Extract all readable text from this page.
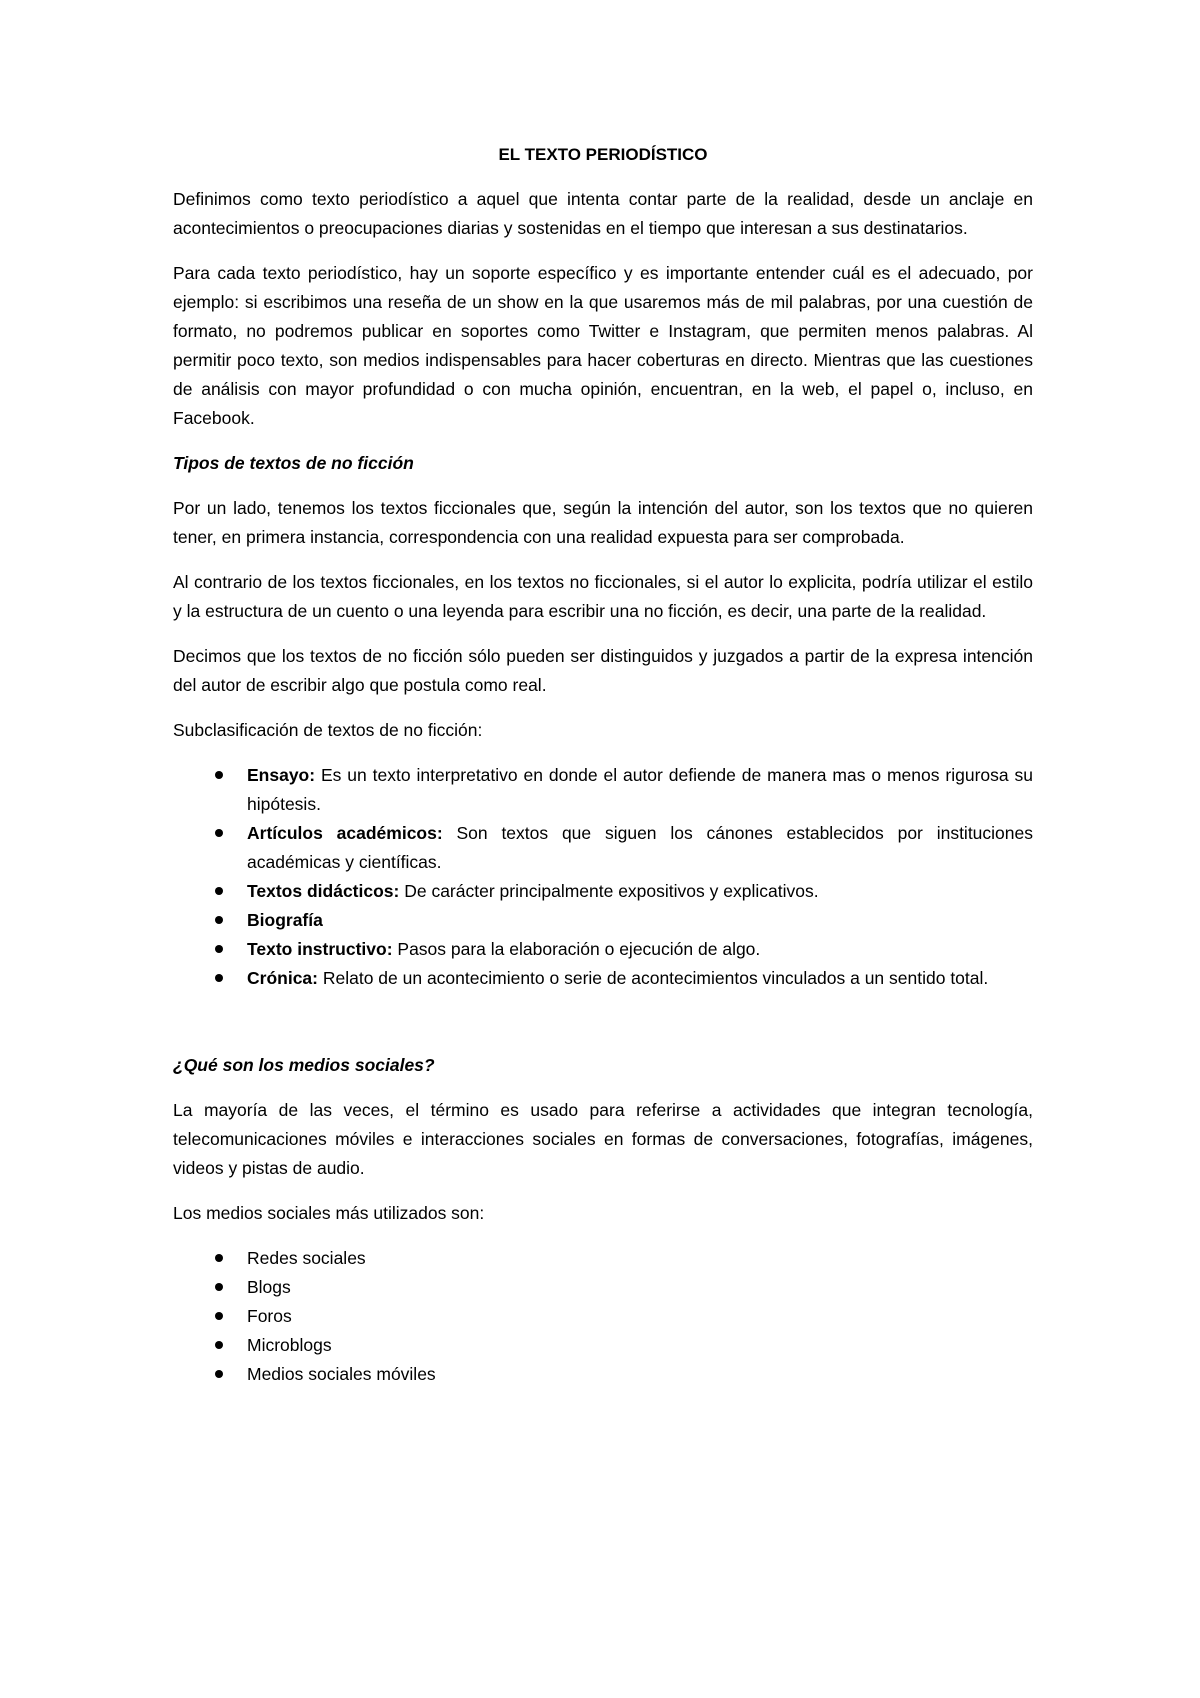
EL TEXTO PERIODÍSTICO

Definimos como texto periodístico a aquel que intenta contar parte de la realidad, desde un anclaje en acontecimientos o preocupaciones diarias y sostenidas en el tiempo que interesan a sus destinatarios.

Para cada texto periodístico, hay un soporte específico y es importante entender cuál es el adecuado, por ejemplo: si escribimos una reseña de un show en la que usaremos más de mil palabras, por una cuestión de formato, no podremos publicar en soportes como Twitter e Instagram, que permiten menos palabras. Al permitir poco texto, son medios indispensables para hacer coberturas en directo. Mientras que las cuestiones de análisis con mayor profundidad o con mucha opinión, encuentran, en la web, el papel o, incluso, en Facebook.

Tipos de textos de no ficción

Por un lado, tenemos los textos ficcionales que, según la intención del autor, son los textos que no quieren tener, en primera instancia, correspondencia con una realidad expuesta para ser comprobada.

Al contrario de los textos ficcionales, en los textos no ficcionales, si el autor lo explicita, podría utilizar el estilo y la estructura de un cuento o una leyenda para escribir una no ficción, es decir, una parte de la realidad.

Decimos que los textos de no ficción sólo pueden ser distinguidos y juzgados a partir de la expresa intención del autor de escribir algo que postula como real.

Subclasificación de textos de no ficción:

Ensayo: Es un texto interpretativo en donde el autor defiende de manera mas o menos rigurosa su hipótesis.
Artículos académicos: Son textos que siguen los cánones establecidos por instituciones académicas y científicas.
Textos didácticos: De carácter principalmente expositivos y explicativos.
Biografía
Texto instructivo: Pasos para la elaboración o ejecución de algo.
Crónica: Relato de un acontecimiento o serie de acontecimientos vinculados a un sentido total.
¿Qué son los medios sociales?

La mayoría de las veces, el término es usado para referirse a actividades que integran tecnología, telecomunicaciones móviles e interacciones sociales en formas de conversaciones, fotografías, imágenes, videos y pistas de audio.

Los medios sociales más utilizados son:

Redes sociales
Blogs
Foros
Microblogs
Medios sociales móviles
